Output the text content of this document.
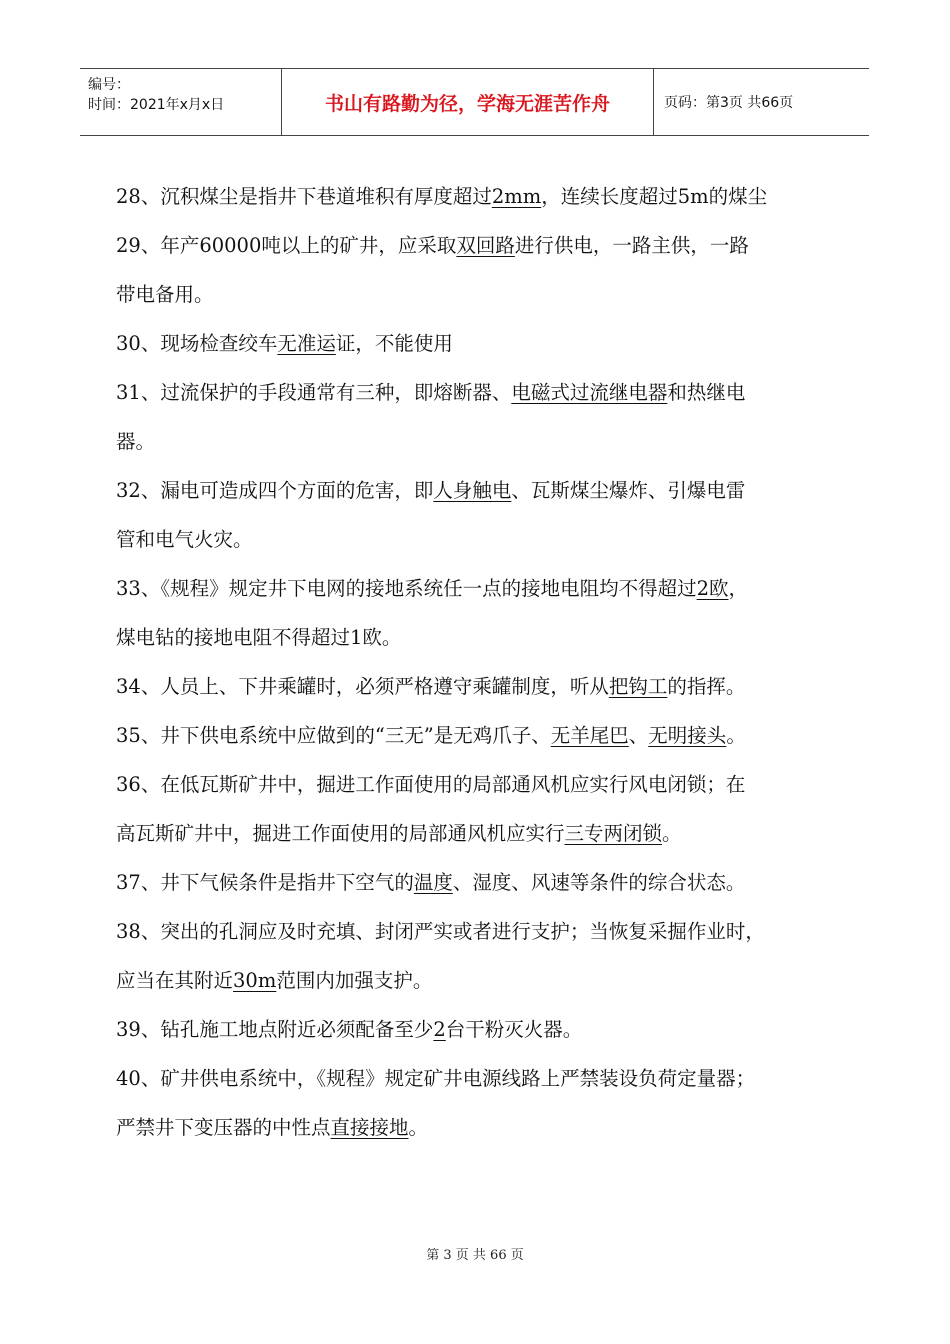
编号：
时间：2021年x月x日	书山有路勤为径，学海无涯苦作舟	页码：第3页 共66页
28、沉积煤尘是指井下巷道堆积有厚度超过2mm，连续长度超过5m的煤尘
29、年产60000吨以上的矿井，应采取双回路进行供电，一路主供，一路
带电备用。
30、现场检查绞车无准运证，不能使用
31、过流保护的手段通常有三种，即熔断器、电磁式过流继电器和热继电
器。
32、漏电可造成四个方面的危害，即人身触电、瓦斯煤尘爆炸、引爆电雷
管和电气火灾。
33、《规程》规定井下电网的接地系统任一点的接地电阻均不得超过2欧，
煤电钻的接地电阻不得超过1欧。
34、人员上、下井乘罐时，必须严格遵守乘罐制度，听从把钩工的指挥。
35、井下供电系统中应做到的“三无”是无鸡爪子、无羊尾巴、无明接头。
36、在低瓦斯矿井中，掘进工作面使用的局部通风机应实行风电闭锁；在
高瓦斯矿井中，掘进工作面使用的局部通风机应实行三专两闭锁。
37、井下气候条件是指井下空气的温度、湿度、风速等条件的综合状态。
38、突出的孔洞应及时充填、封闭严实或者进行支护；当恢复采掘作业时，
应当在其附近30m范围内加强支护。
39、钻孔施工地点附近必须配备至少2台干粉灭火器。
40、矿井供电系统中，《规程》规定矿井电源线路上严禁装设负荷定量器；
严禁井下变压器的中性点直接接地。
第 3 页 共 66 页
